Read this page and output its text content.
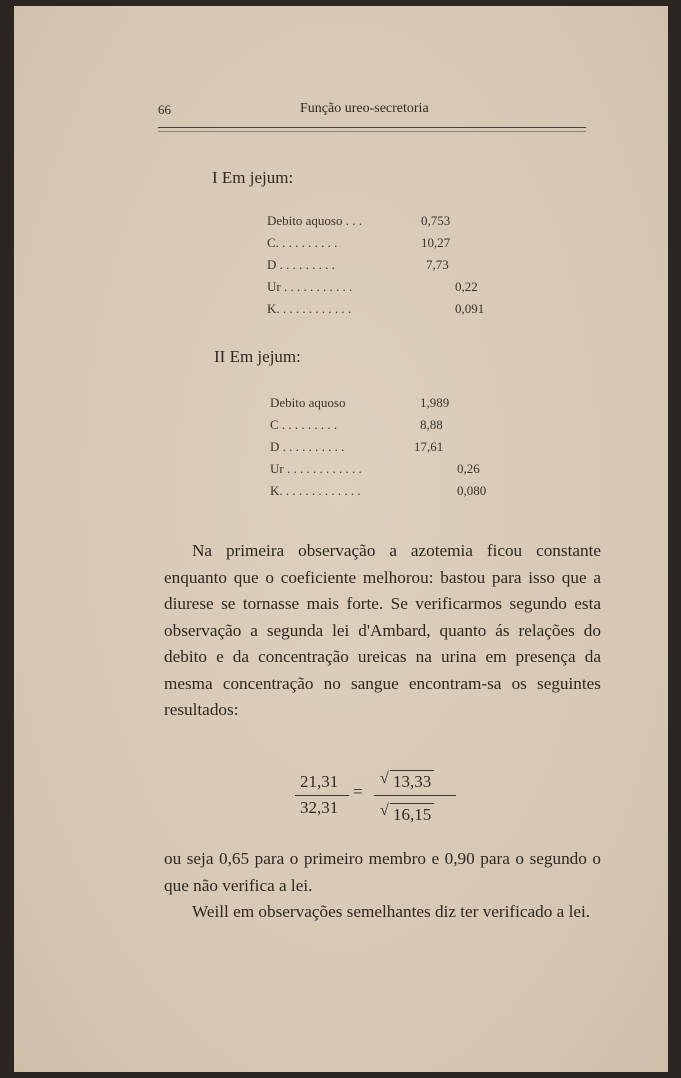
66	Função ureo-secretoria
I Em jejum:
Debito aquoso . . .	0,753
C. . . . . . . . . .	10,27
D . . . . . . . . .	7,73
Ur . . . . . . . . . . .	0,22
K. . . . . . . . . . . .	0,091
II Em jejum:
Debito aquoso	1,989
C . . . . . . . . .	8,88
D . . . . . . . . . .	17,61
Ur . . . . . . . . . . . .	0,26
K. . . . . . . . . . . . .	0,080

Na primeira observação a azotemia ficou constante enquanto que o coeficiente melhorou: bastou para isso que a diurese se tornasse mais forte. Se verificarmos segundo esta observação a segunda lei d'Ambard, quanto ás relações do debito e da concentração ureicas na urina em presença da mesma concentração no sangue encontram-sa os seguintes resultados:

21,31
32,31
=
√ 13,33
√ 16,15

ou seja 0,65 para o primeiro membro e 0,90 para o segundo o que não verifica a lei.

Weill em observações semelhantes diz ter verificado a lei.
